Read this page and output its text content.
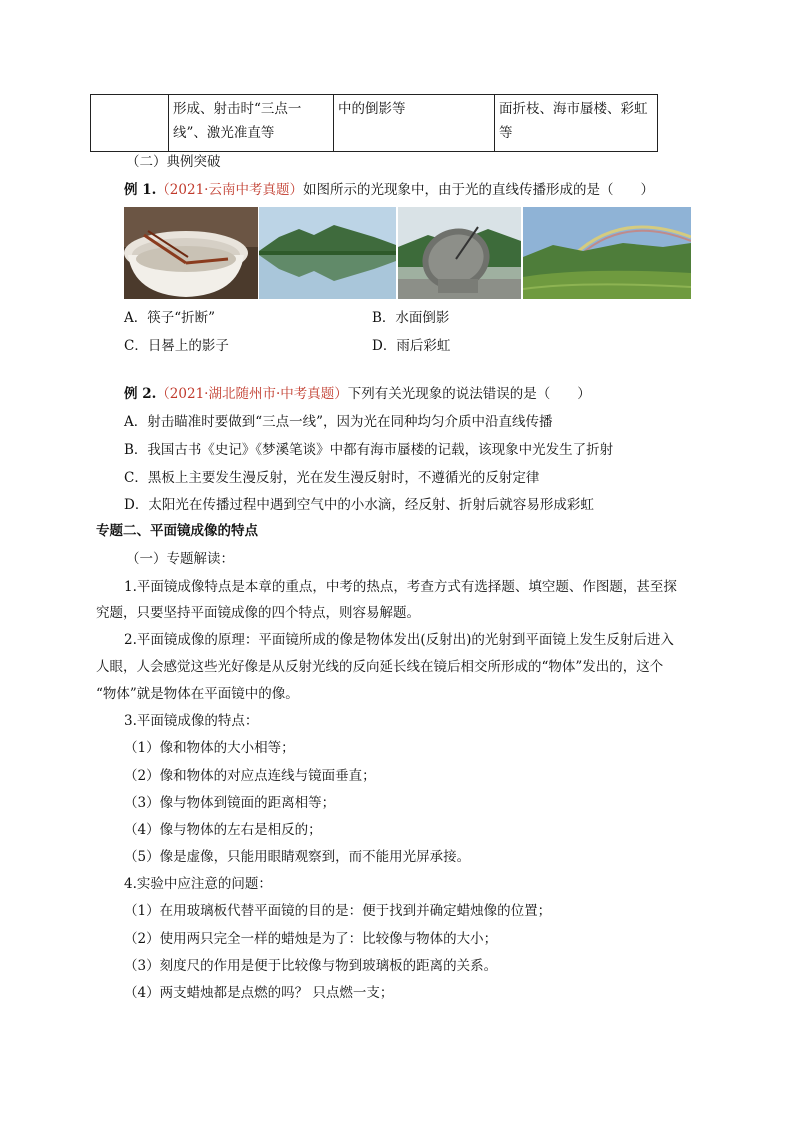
	形成、射击时“三点一线”、激光准直等	中的倒影等	面折枝、海市蜃楼、彩虹等
（二）典例突破
例 1.（2021·云南中考真题）如图所示的光现象中，由于光的直线传播形成的是（　　）
A．筷子“折断”	B．水面倒影
C．日晷上的影子	D．雨后彩虹
例 2.（2021·湖北随州市·中考真题）下列有关光现象的说法错误的是（　　）
A．射击瞄准时要做到“三点一线”，因为光在同种均匀介质中沿直线传播
B．我国古书《史记》《梦溪笔谈》中都有海市蜃楼的记载，该现象中光发生了折射
C．黑板上主要发生漫反射，光在发生漫反射时，不遵循光的反射定律
D．太阳光在传播过程中遇到空气中的小水滴，经反射、折射后就容易形成彩虹
专题二、平面镜成像的特点
（一）专题解读：
1.平面镜成像特点是本章的重点，中考的热点，考查方式有选择题、填空题、作图题，甚至探
究题，只要坚持平面镜成像的四个特点，则容易解题。
2.平面镜成像的原理：平面镜所成的像是物体发出(反射出)的光射到平面镜上发生反射后进入
人眼，人会感觉这些光好像是从反射光线的反向延长线在镜后相交所形成的“物体”发出的，这个
“物体”就是物体在平面镜中的像。
3.平面镜成像的特点：
（1）像和物体的大小相等；
（2）像和物体的对应点连线与镜面垂直；
（3）像与物体到镜面的距离相等；
（4）像与物体的左右是相反的；
（5）像是虚像，只能用眼睛观察到，而不能用光屏承接。
4.实验中应注意的问题：
（1）在用玻璃板代替平面镜的目的是：便于找到并确定蜡烛像的位置；
（2）使用两只完全一样的蜡烛是为了：比较像与物体的大小；
（3）刻度尺的作用是便于比较像与物到玻璃板的距离的关系。
（4）两支蜡烛都是点燃的吗？ 只点燃一支；
